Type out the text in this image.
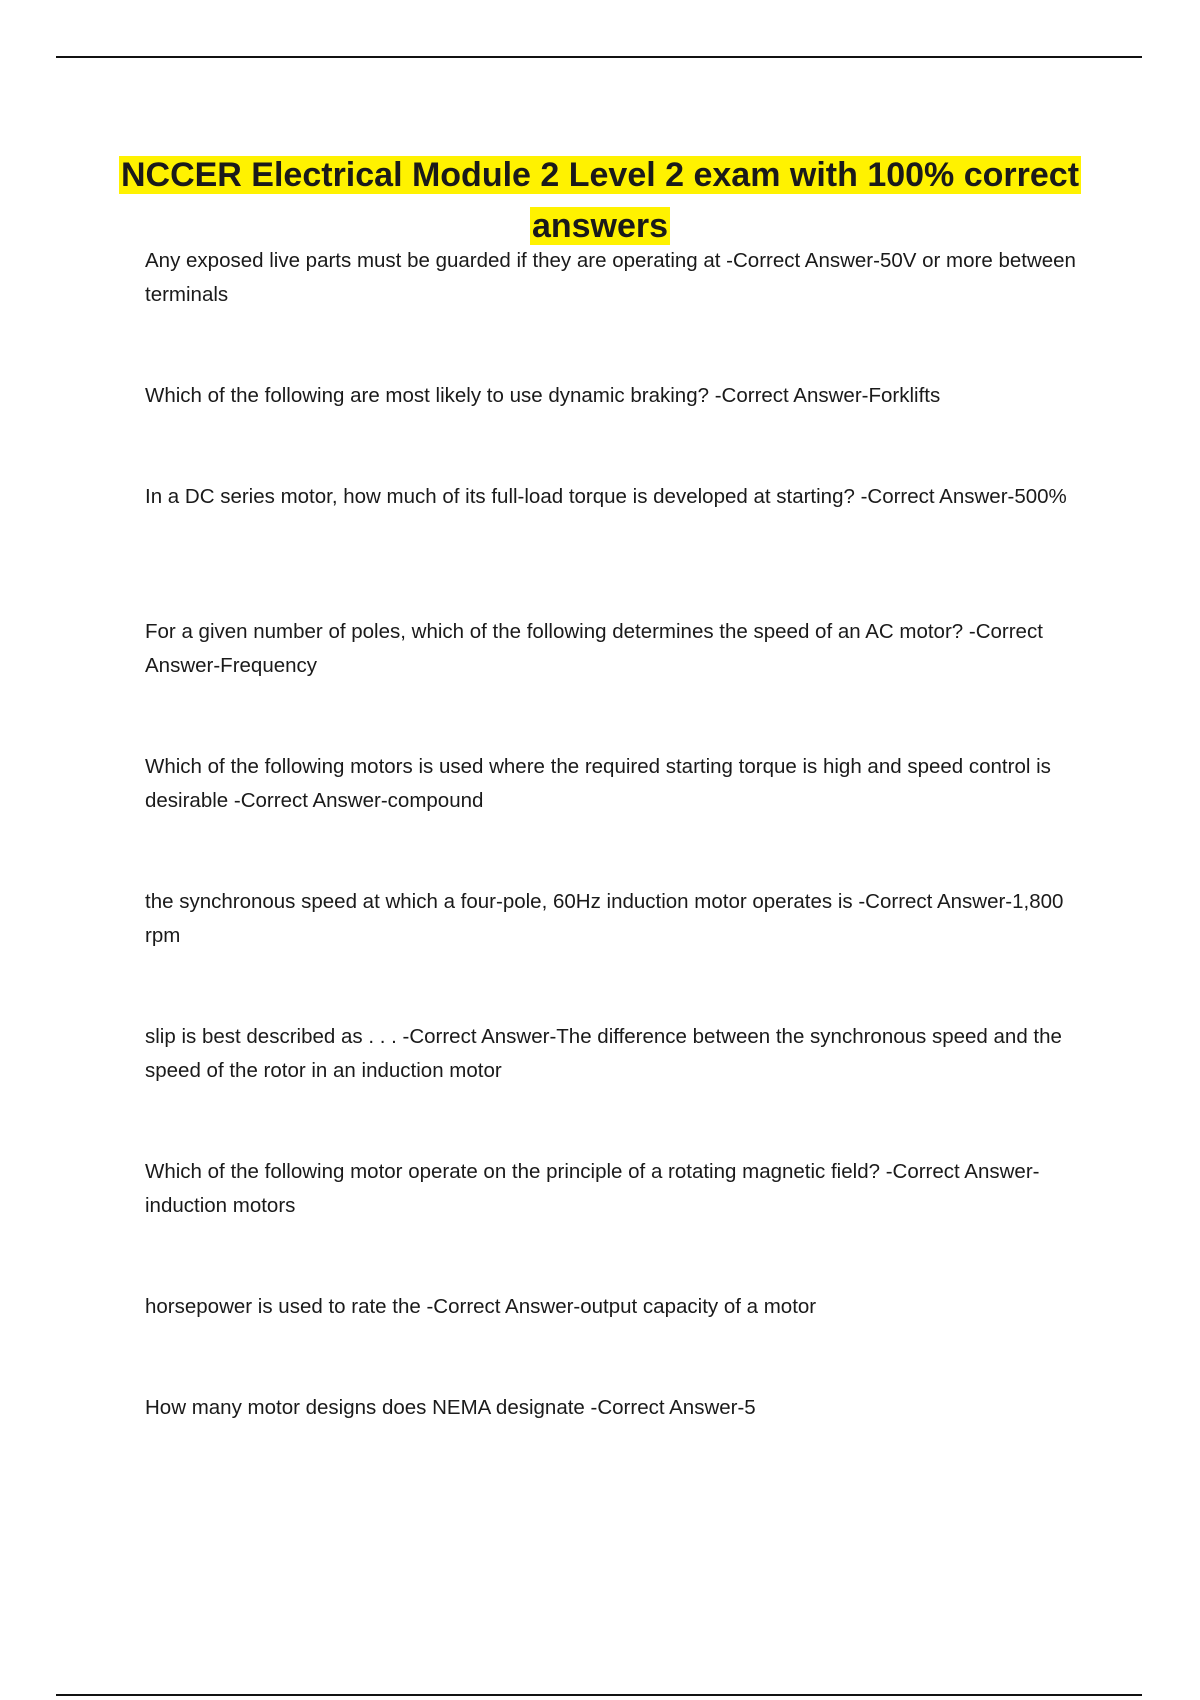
NCCER Electrical Module 2 Level 2 exam with 100% correct answers
Any exposed live parts must be guarded if they are operating at -Correct Answer-50V or more between terminals
Which of the following are most likely to use dynamic braking? -Correct Answer-Forklifts
In a DC series motor, how much of its full-load torque is developed at starting? -Correct Answer-500%
For a given number of poles, which of the following determines the speed of an AC motor? -Correct Answer-Frequency
Which of the following motors is used where the required starting torque is high and speed control is desirable -Correct Answer-compound
the synchronous speed at which a four-pole, 60Hz induction motor operates is -Correct Answer-1,800 rpm
slip is best described as . . . -Correct Answer-The difference between the synchronous speed and the speed of the rotor in an induction motor
Which of the following motor operate on the principle of a rotating magnetic field? -Correct Answer-induction motors
horsepower is used to rate the -Correct Answer-output capacity of a motor
How many motor designs does NEMA designate -Correct Answer-5
